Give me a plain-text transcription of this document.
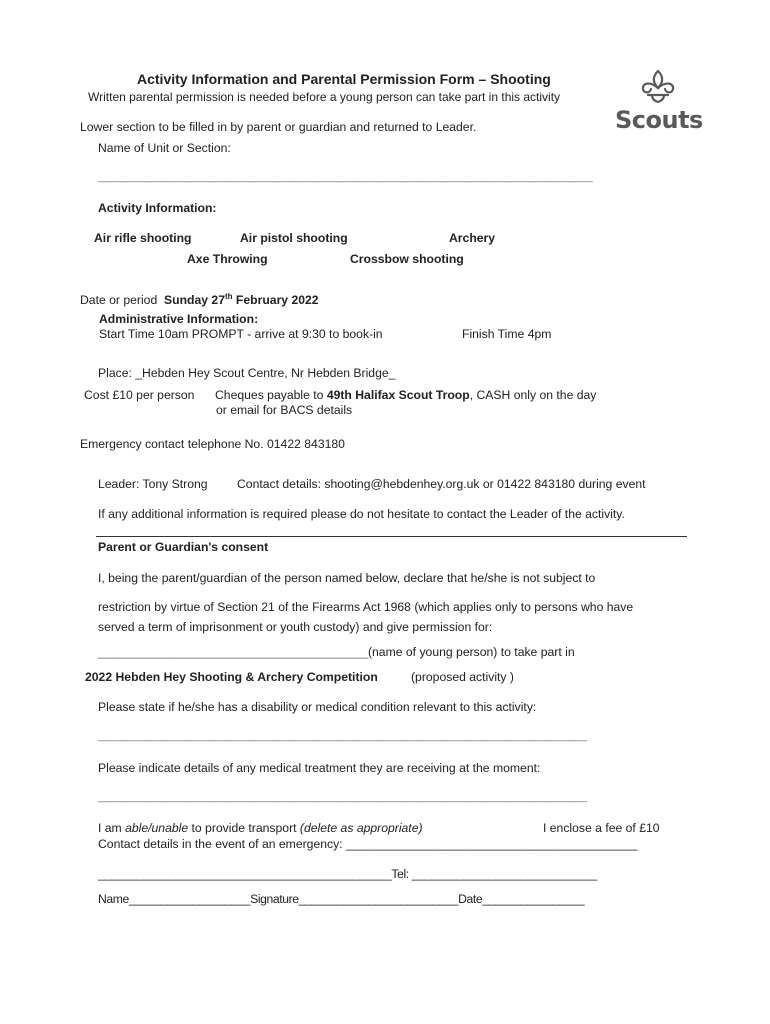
Activity Information and Parental Permission Form – Shooting
Written parental permission is needed before a young person can take part in this activity
Scouts
Lower section to be filled in by parent or guardian and returned to Leader.
Name of Unit or Section:
_____________________________________________________________________________________
Activity Information:
Air rifle shooting	Air pistol shooting	Archery
Axe Throwing	Crossbow shooting
Date or period Sunday 27th February 2022
Administrative Information:
Start Time 10am PROMPT - arrive at 9:30 to book-in	Finish Time 4pm
Place: _Hebden Hey Scout Centre, Nr Hebden Bridge_
Cost £10 per person Cheques payable to 49th Halifax Scout Troop, CASH only on the day
or email for BACS details
Emergency contact telephone No. 01422 843180
Leader: Tony Strong Contact details: shooting@hebdenhey.org.uk or 01422 843180 during event
If any additional information is required please do not hesitate to contact the Leader of the activity.
Parent or Guardian's consent
I, being the parent/guardian of the person named below, declare that he/she is not subject to
restriction by virtue of Section 21 of the Firearms Act 1968 (which applies only to persons who have
served a term of imprisonment or youth custody) and give permission for:
___________________________________________(name of young person) to take part in
2022 Hebden Hey Shooting & Archery Competition	(proposed activity )
Please state if he/she has a disability or medical condition relevant to this activity:
____________________________________________________________________________________
Please indicate details of any medical treatment they are receiving at the moment:
____________________________________________________________________________________
I am able/unable to provide transport (delete as appropriate)	I enclose a fee of £10
Contact details in the event of an emergency: ___________________________________________
______________________________________________Tel: _____________________________
Name___________________Signature_________________________Date________________
